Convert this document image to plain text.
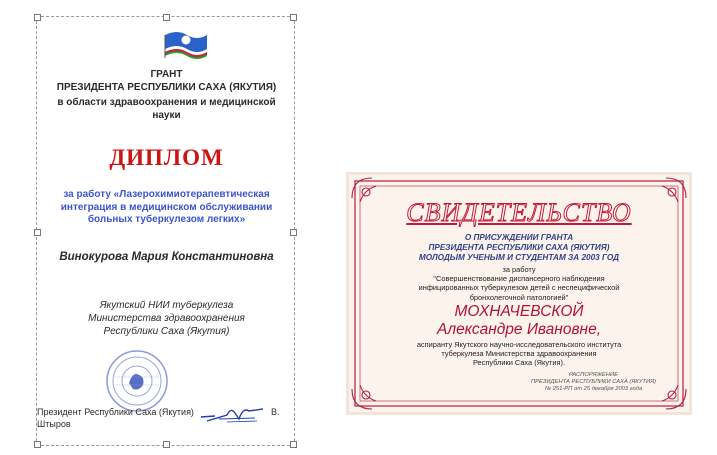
ГРАНТ
ПРЕЗИДЕНТА РЕСПУБЛИКИ САХА (ЯКУТИЯ)
в области здравоохранения и медицинской
науки
ДИПЛОМ
за работу «Лазерохимиотерапевтическая
интеграция в медицинском обслуживании
больных туберкулезом легких»
Винокурова Мария Константиновна
Якутский НИИ туберкулеза
Министерства здравоохранения
Республики Саха (Якутия)
Президент Республики Саха (Якутия)	В.
Штыров
СВИДЕТЕЛЬСТВО
О ПРИСУЖДЕНИИ ГРАНТА
ПРЕЗИДЕНТА РЕСПУБЛИКИ САХА (ЯКУТИЯ)
МОЛОДЫМ УЧЕНЫМ И СТУДЕНТАМ ЗА 2003 ГОД
за работу
"Совершенствование диспансерного наблюдения
инфицированных туберкулезом детей с неспецифической
бронхолегочной патологией"
МОХНАЧЕВСКОЙ
Александре Ивановне,
аспиранту Якутского научно-исследовательского института
туберкулеза Министерства здравоохранения
Республики Саха (Якутия).
РАСПОРЯЖЕНИЕ
ПРЕЗИДЕНТА РЕСПУБЛИКИ САХА (ЯКУТИЯ)
№ 251-РП от 25 декабря 2003 года
